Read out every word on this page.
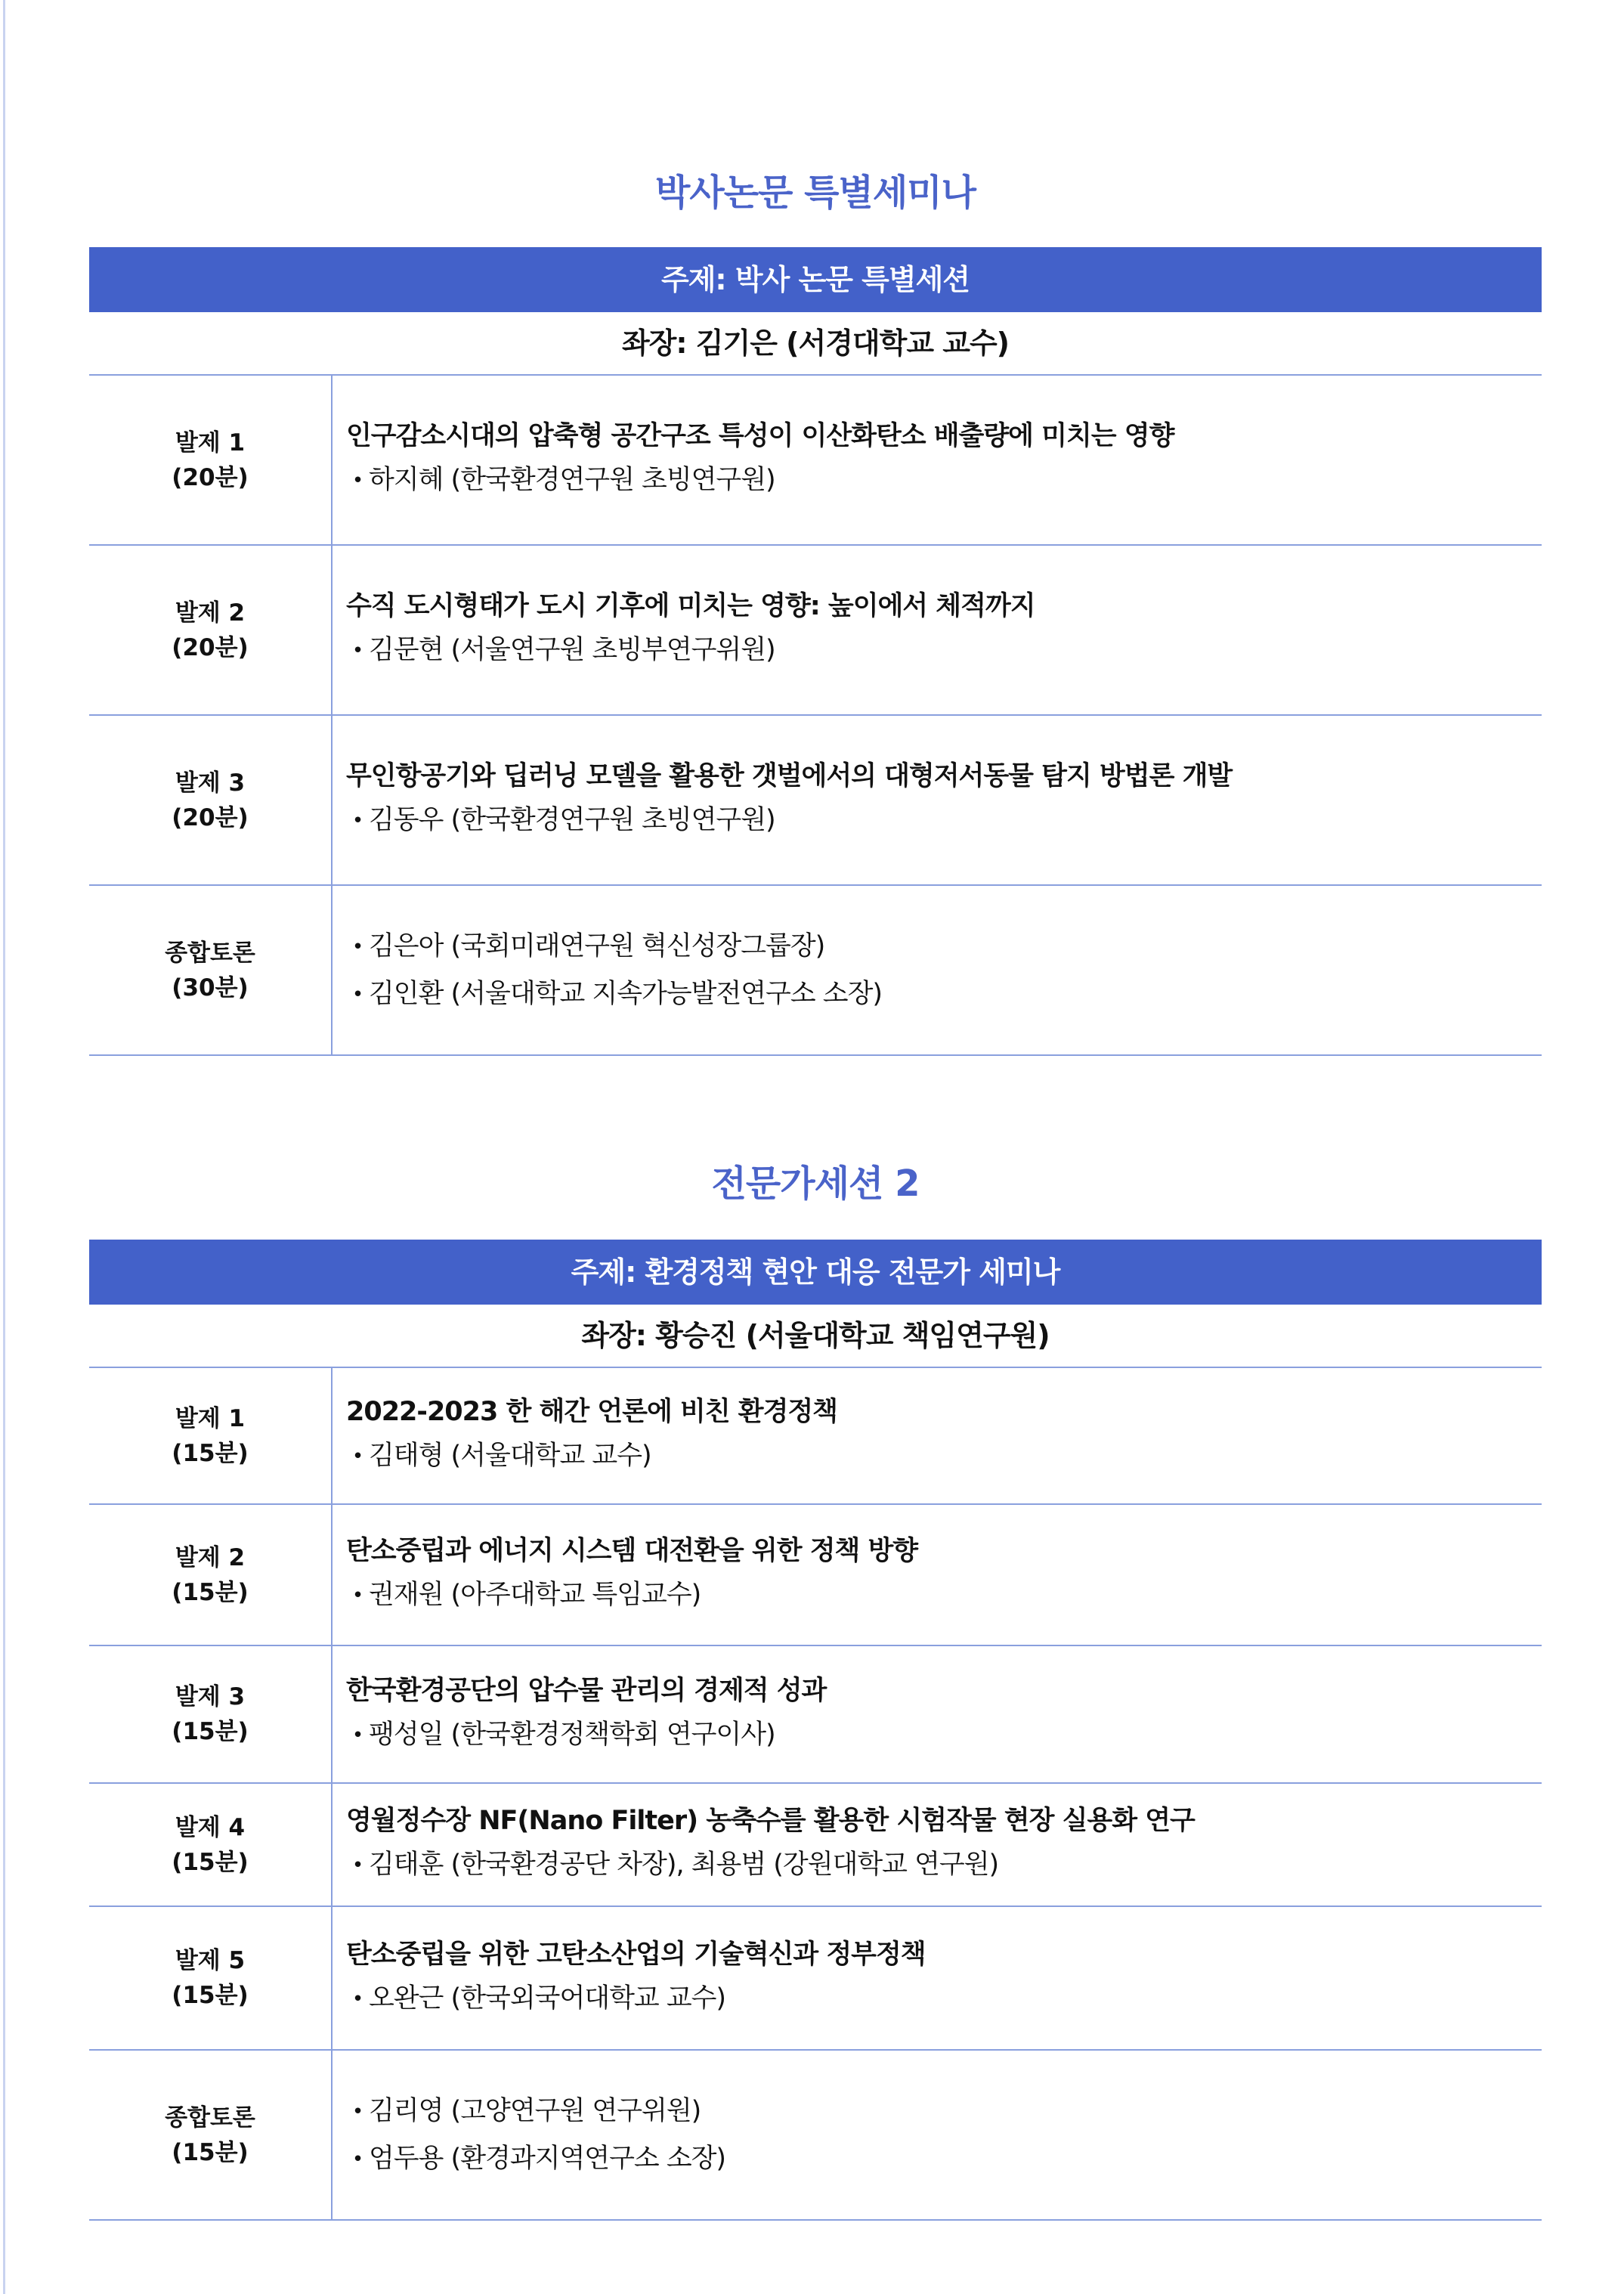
박사논문 특별세미나
주제: 박사 논문 특별세션
좌장: 김기은 (서경대학교 교수)
발제 1
(20분)
인구감소시대의 압축형 공간구조 특성이 이산화탄소 배출량에 미치는 영향
• 하지혜 (한국환경연구원 초빙연구원)
발제 2
(20분)
수직 도시형태가 도시 기후에 미치는 영향: 높이에서 체적까지
• 김문현 (서울연구원 초빙부연구위원)
발제 3
(20분)
무인항공기와 딥러닝 모델을 활용한 갯벌에서의 대형저서동물 탐지 방법론 개발
• 김동우 (한국환경연구원 초빙연구원)
종합토론
(30분)
• 김은아 (국회미래연구원 혁신성장그룹장)
• 김인환 (서울대학교 지속가능발전연구소 소장)
전문가세션 2
주제: 환경정책 현안 대응 전문가 세미나
좌장: 황승진 (서울대학교 책임연구원)
발제 1
(15분)
2022-2023 한 해간 언론에 비친 환경정책
• 김태형 (서울대학교 교수)
발제 2
(15분)
탄소중립과 에너지 시스템 대전환을 위한 정책 방향
• 권재원 (아주대학교 특임교수)
발제 3
(15분)
한국환경공단의 압수물 관리의 경제적 성과
• 팽성일 (한국환경정책학회 연구이사)
발제 4
(15분)
영월정수장 NF(Nano Filter) 농축수를 활용한 시험작물 현장 실용화 연구
• 김태훈 (한국환경공단 차장), 최용범 (강원대학교 연구원)
발제 5
(15분)
탄소중립을 위한 고탄소산업의 기술혁신과 정부정책
• 오완근 (한국외국어대학교 교수)
종합토론
(15분)
• 김리영 (고양연구원 연구위원)
• 엄두용 (환경과지역연구소 소장)
